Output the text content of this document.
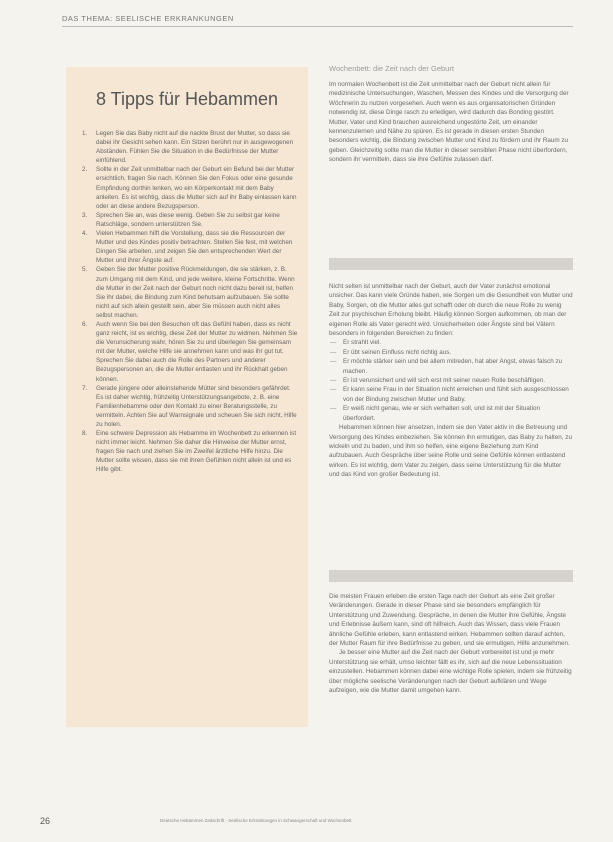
DAS THEMA: SEELISCHE ERKRANKUNGEN
8 Tipps für Hebammen
1. Legen Sie das Baby nicht auf die nackte Brust der Mutter, so dass sie dabei ihr Gesicht sehen kann. Ein Sitzen berührt nur in ausgewogenen Abständen. Fühlen Sie die Situation in die Bedürfnisse der Mutter einfühlend.
2. Sollte in der Zeit unmittelbar nach der Geburt ein Befund bei der Mutter ersichtlich, fragen Sie nach. Können Sie den Fokus oder eine gesunde Empfindung dorthin lenken, wo ein Körperkontakt mit dem Baby anleiten. Es ist wichtig, dass die Mutter sich auf ihr Baby einlassen kann oder an diese andere Bezugsperson.
3. Sprechen Sie an, was diese wenig. Geben Sie zu selbst gar keine Ratschläge, sondern unterstützen Sie.
4. Vielen Hebammen hilft die Vorstellung, dass sie die Ressourcen der Mutter und des Kindes positiv betrachten. Stellen Sie fest, mit welchen Dingen Sie arbeiten, und zeigen Sie den entsprechenden Wert der Mutter und ihrer Ängste auf.
5. Geben Sie der Mutter positive Rückmeldungen, die sie stärken, z. B. zum Umgang mit dem Kind, und jede weitere, kleine Fortschritte. Wenn die Mutter in der Zeit nach der Geburt noch nicht dazu bereit ist, helfen Sie ihr dabei, die Bindung zum Kind behutsam aufzubauen. Sie sollte nicht auf sich allein gestellt sein, aber Sie müssen auch nicht alles selbst machen.
6. Auch wenn Sie bei den Besuchen oft das Gefühl haben, dass es nicht ganz reicht, ist es wichtig, diese Zeit der Mutter zu widmen. Nehmen Sie die Verunsicherung wahr, hören Sie zu und überlegen Sie gemeinsam mit der Mutter, welche Hilfe sie annehmen kann und was ihr gut tut. Sprechen Sie dabei auch die Rolle des Partners und anderer Bezugspersonen an, die die Mutter entlasten und ihr Rückhalt geben können.
7. Gerade jüngere oder alleinstehende Mütter sind besonders gefährdet. Es ist daher wichtig, frühzeitig Unterstützungsangebote, z. B. eine Familienhebamme oder den Kontakt zu einer Beratungsstelle, zu vermitteln. Achten Sie auf Warnsignale und scheuen Sie sich nicht, Hilfe zu holen.
8. Eine schwere Depression als Hebamme im Wochenbett zu erkennen ist nicht immer leicht. Nehmen Sie daher die Hinweise der Mutter ernst, fragen Sie nach und ziehen Sie im Zweifel ärztliche Hilfe hinzu. Die Mutter sollte wissen, dass sie mit ihren Gefühlen nicht allein ist und es Hilfe gibt.
Wochenbett: die Zeit nach der Geburt

Im normalen Wochenbett ist die Zeit unmittelbar nach der Geburt nicht allein für medizinische Untersuchungen, Waschen, Messen des Kindes und die Versorgung der Wöchnerin zu nutzen vorgesehen. Auch wenn es aus organisatorischen Gründen notwendig ist, diese Dinge rasch zu erledigen, wird dadurch das Bonding gestört. Mutter, Vater und Kind brauchen ausreichend ungestörte Zeit, um einander kennenzulernen und Nähe zu spüren. Es ist gerade in diesen ersten Stunden besonders wichtig, die Bindung zwischen Mutter und Kind zu fördern und ihr Raum zu geben. Gleichzeitig sollte man die Mutter in dieser sensiblen Phase nicht überfordern, sondern ihr vermitteln, dass sie ihre Gefühle zulassen darf.

Nicht selten ist unmittelbar nach der Geburt, auch der Vater zunächst emotional unsicher. Das kann viele Gründe haben, wie Sorgen um die Gesundheit von Mutter und Baby, Sorgen, ob die Mutter alles gut schafft oder ob durch die neue Rolle zu wenig Zeit zur psychischen Erholung bleibt. Häufig können Sorgen aufkommen, ob man der eigenen Rolle als Vater gerecht wird. Unsicherheiten oder Ängste sind bei Vätern besonders in folgenden Bereichen zu finden:

— Er strahlt viel.
— Er übt seinen Einfluss nicht richtig aus.
— Er möchte stärker sein und bei allem mitreden, hat aber Angst, etwas falsch zu machen.
— Er ist verunsichert und will sich erst mit seiner neuen Rolle beschäftigen.
— Er kann seine Frau in der Situation nicht erreichen und fühlt sich ausgeschlossen von der Bindung zwischen Mutter und Baby.
— Er weiß nicht genau, wie er sich verhalten soll, und ist mit der Situation überfordert.

Hebammen können hier ansetzen, indem sie den Vater aktiv in die Betreuung und Versorgung des Kindes einbeziehen. Sie können ihn ermutigen, das Baby zu halten, zu wickeln und zu baden, und ihm so helfen, eine eigene Beziehung zum Kind aufzubauen. Auch Gespräche über seine Rolle und seine Gefühle können entlastend wirken. Es ist wichtig, dem Vater zu zeigen, dass seine Unterstützung für die Mutter und das Kind von großer Bedeutung ist.

Die meisten Frauen erleben die ersten Tage nach der Geburt als eine Zeit großer Veränderungen. Gerade in dieser Phase sind sie besonders empfänglich für Unterstützung und Zuwendung. Gespräche, in denen die Mutter ihre Gefühle, Ängste und Erlebnisse äußern kann, sind oft hilfreich. Auch das Wissen, dass viele Frauen ähnliche Gefühle erleben, kann entlastend wirken. Hebammen sollten darauf achten, der Mutter Raum für ihre Bedürfnisse zu geben, und sie ermutigen, Hilfe anzunehmen.

Je besser eine Mutter auf die Zeit nach der Geburt vorbereitet ist und je mehr Unterstützung sie erhält, umso leichter fällt es ihr, sich auf die neue Lebenssituation einzustellen. Hebammen können dabei eine wichtige Rolle spielen, indem sie frühzeitig über mögliche seelische Veränderungen nach der Geburt aufklären und Wege aufzeigen, wie die Mutter damit umgehen kann.

26	Deutsche Hebammen Zeitschrift · Seelische Erkrankungen in Schwangerschaft und Wochenbett
